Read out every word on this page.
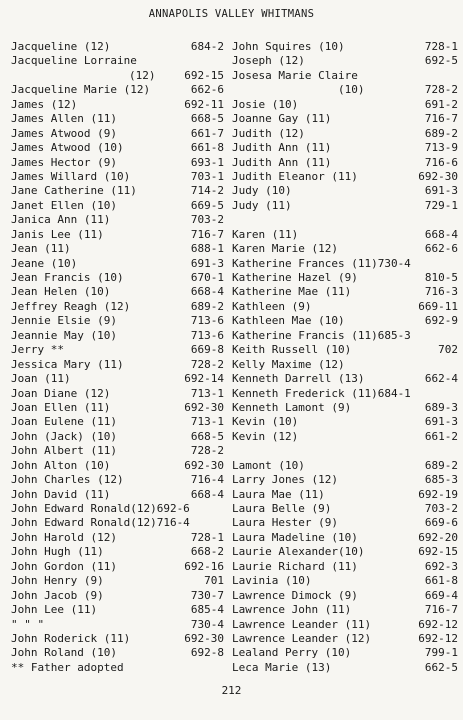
ANNAPOLIS VALLEY WHITMANS
Jacqueline (12)	684-2
Jacqueline Lorraine
(12)	692-15
Jacqueline Marie (12)	662-6
James (12)	692-11
James Allen (11)	668-5
James Atwood (9)	661-7
James Atwood (10)	661-8
James Hector (9)	693-1
James Willard (10)	703-1
Jane Catherine (11)	714-2
Janet Ellen (10)	669-5
Janica Ann (11)	703-2
Janis Lee (11)	716-7
Jean (11)	688-1
Jeane (10)	691-3
Jean Francis (10)	670-1
Jean Helen (10)	668-4
Jeffrey Reagh (12)	689-2
Jennie Elsie (9)	713-6
Jeannie May (10)	713-6
Jerry **	669-8
Jessica Mary (11)	728-2
Joan (11)	692-14
Joan Diane (12)	713-1
Joan Ellen (11)	692-30
Joan Eulene (11)	713-1
John (Jack) (10)	668-5
John Albert (11)	728-2
John Alton (10)	692-30
John Charles (12)	716-4
John David (11)	668-4
John Edward Ronald(12)692-6
John Edward Ronald(12)716-4
John Harold (12)	728-1
John Hugh (11)	668-2
John Gordon (11)	692-16
John Henry (9)	701
John Jacob (9)	730-7
John Lee (11)	685-4
" " "	730-4
John Roderick (11)	692-30
John Roland (10)	692-8
** Father adopted
John Squires (10)	728-1
Joseph (12)	692-5
Josesa Marie Claire
(10)	728-2
Josie (10)	691-2
Joanne Gay (11)	716-7
Judith (12)	689-2
Judith Ann (11)	713-9
Judith Ann (11)	716-6
Judith Eleanor (11)	692-30
Judy (10)	691-3
Judy (11)	729-1
Karen (11)	668-4
Karen Marie (12)	662-6
Katherine Frances (11)730-4
Katherine Hazel (9)	810-5
Katherine Mae (11)	716-3
Kathleen (9)	669-11
Kathleen Mae (10)	692-9
Katherine Francis (11)685-3
Keith Russell (10)	702
Kelly Maxime (12)
Kenneth Darrell (13)	662-4
Kenneth Frederick (11)684-1
Kenneth Lamont (9)	689-3
Kevin (10)	691-3
Kevin (12)	661-2
Lamont (10)	689-2
Larry Jones (12)	685-3
Laura Mae (11)	692-19
Laura Belle (9)	703-2
Laura Hester (9)	669-6
Laura Madeline (10)	692-20
Laurie Alexander(10)	692-15
Laurie Richard (11)	692-3
Lavinia (10)	661-8
Lawrence Dimock (9)	669-4
Lawrence John (11)	716-7
Lawrence Leander (11)	692-12
Lawrence Leander (12)	692-12
Lealand Perry (10)	799-1
Leca Marie (13)	662-5
212
